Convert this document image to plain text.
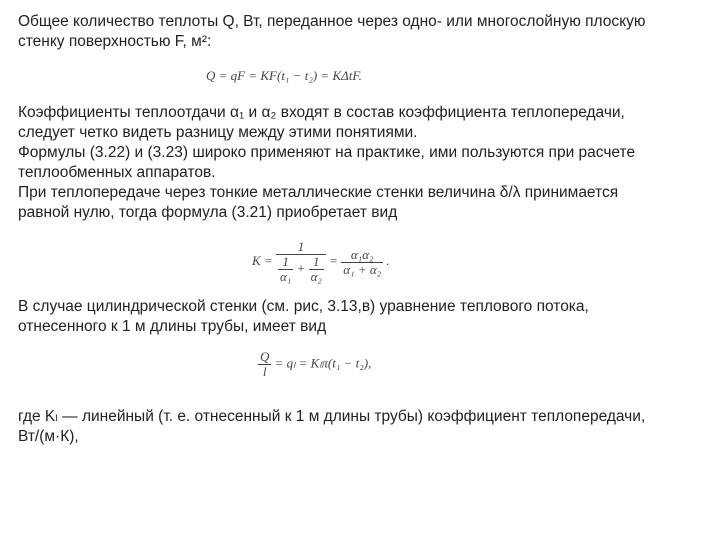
Общее количество теплоты Q, Вт, переданное через одно- или многослойную плоскую
стенку поверхностью F, м²:
Q = qF = KF(t₁ − t₂) = KΔtF.
Коэффициенты теплоотдачи α₁ и α₂ входят в состав коэффициента теплопередачи,
следует четко видеть разницу между этими понятиями.
Формулы (3.22) и (3.23) широко применяют на практике, ими пользуются при расчете
теплообменных аппаратов.
При теплопередаче через тонкие металлические стенки величина δ/λ принимается
равной нулю, тогда формула (3.21) приобретает вид
K =
1
$\frac{1}{\text{α₁}} + \frac{1}{\text{α₂}} = \frac{\text{α₁α₂}}{\text{α₁ + α₂}}$ .
В случае цилиндрической стенки (см. рис, 3.13,в) уравнение теплового потока,
отнесенного к 1 м длины трубы, имеет вид
$\frac{Q}{l} = q_l = K_l\pi(t_1 - t_2)$,
где Kₗ — линейный (т. е. отнесенный к 1 м длины трубы) коэффициент теплопередачи,
Вт/(м·К),
